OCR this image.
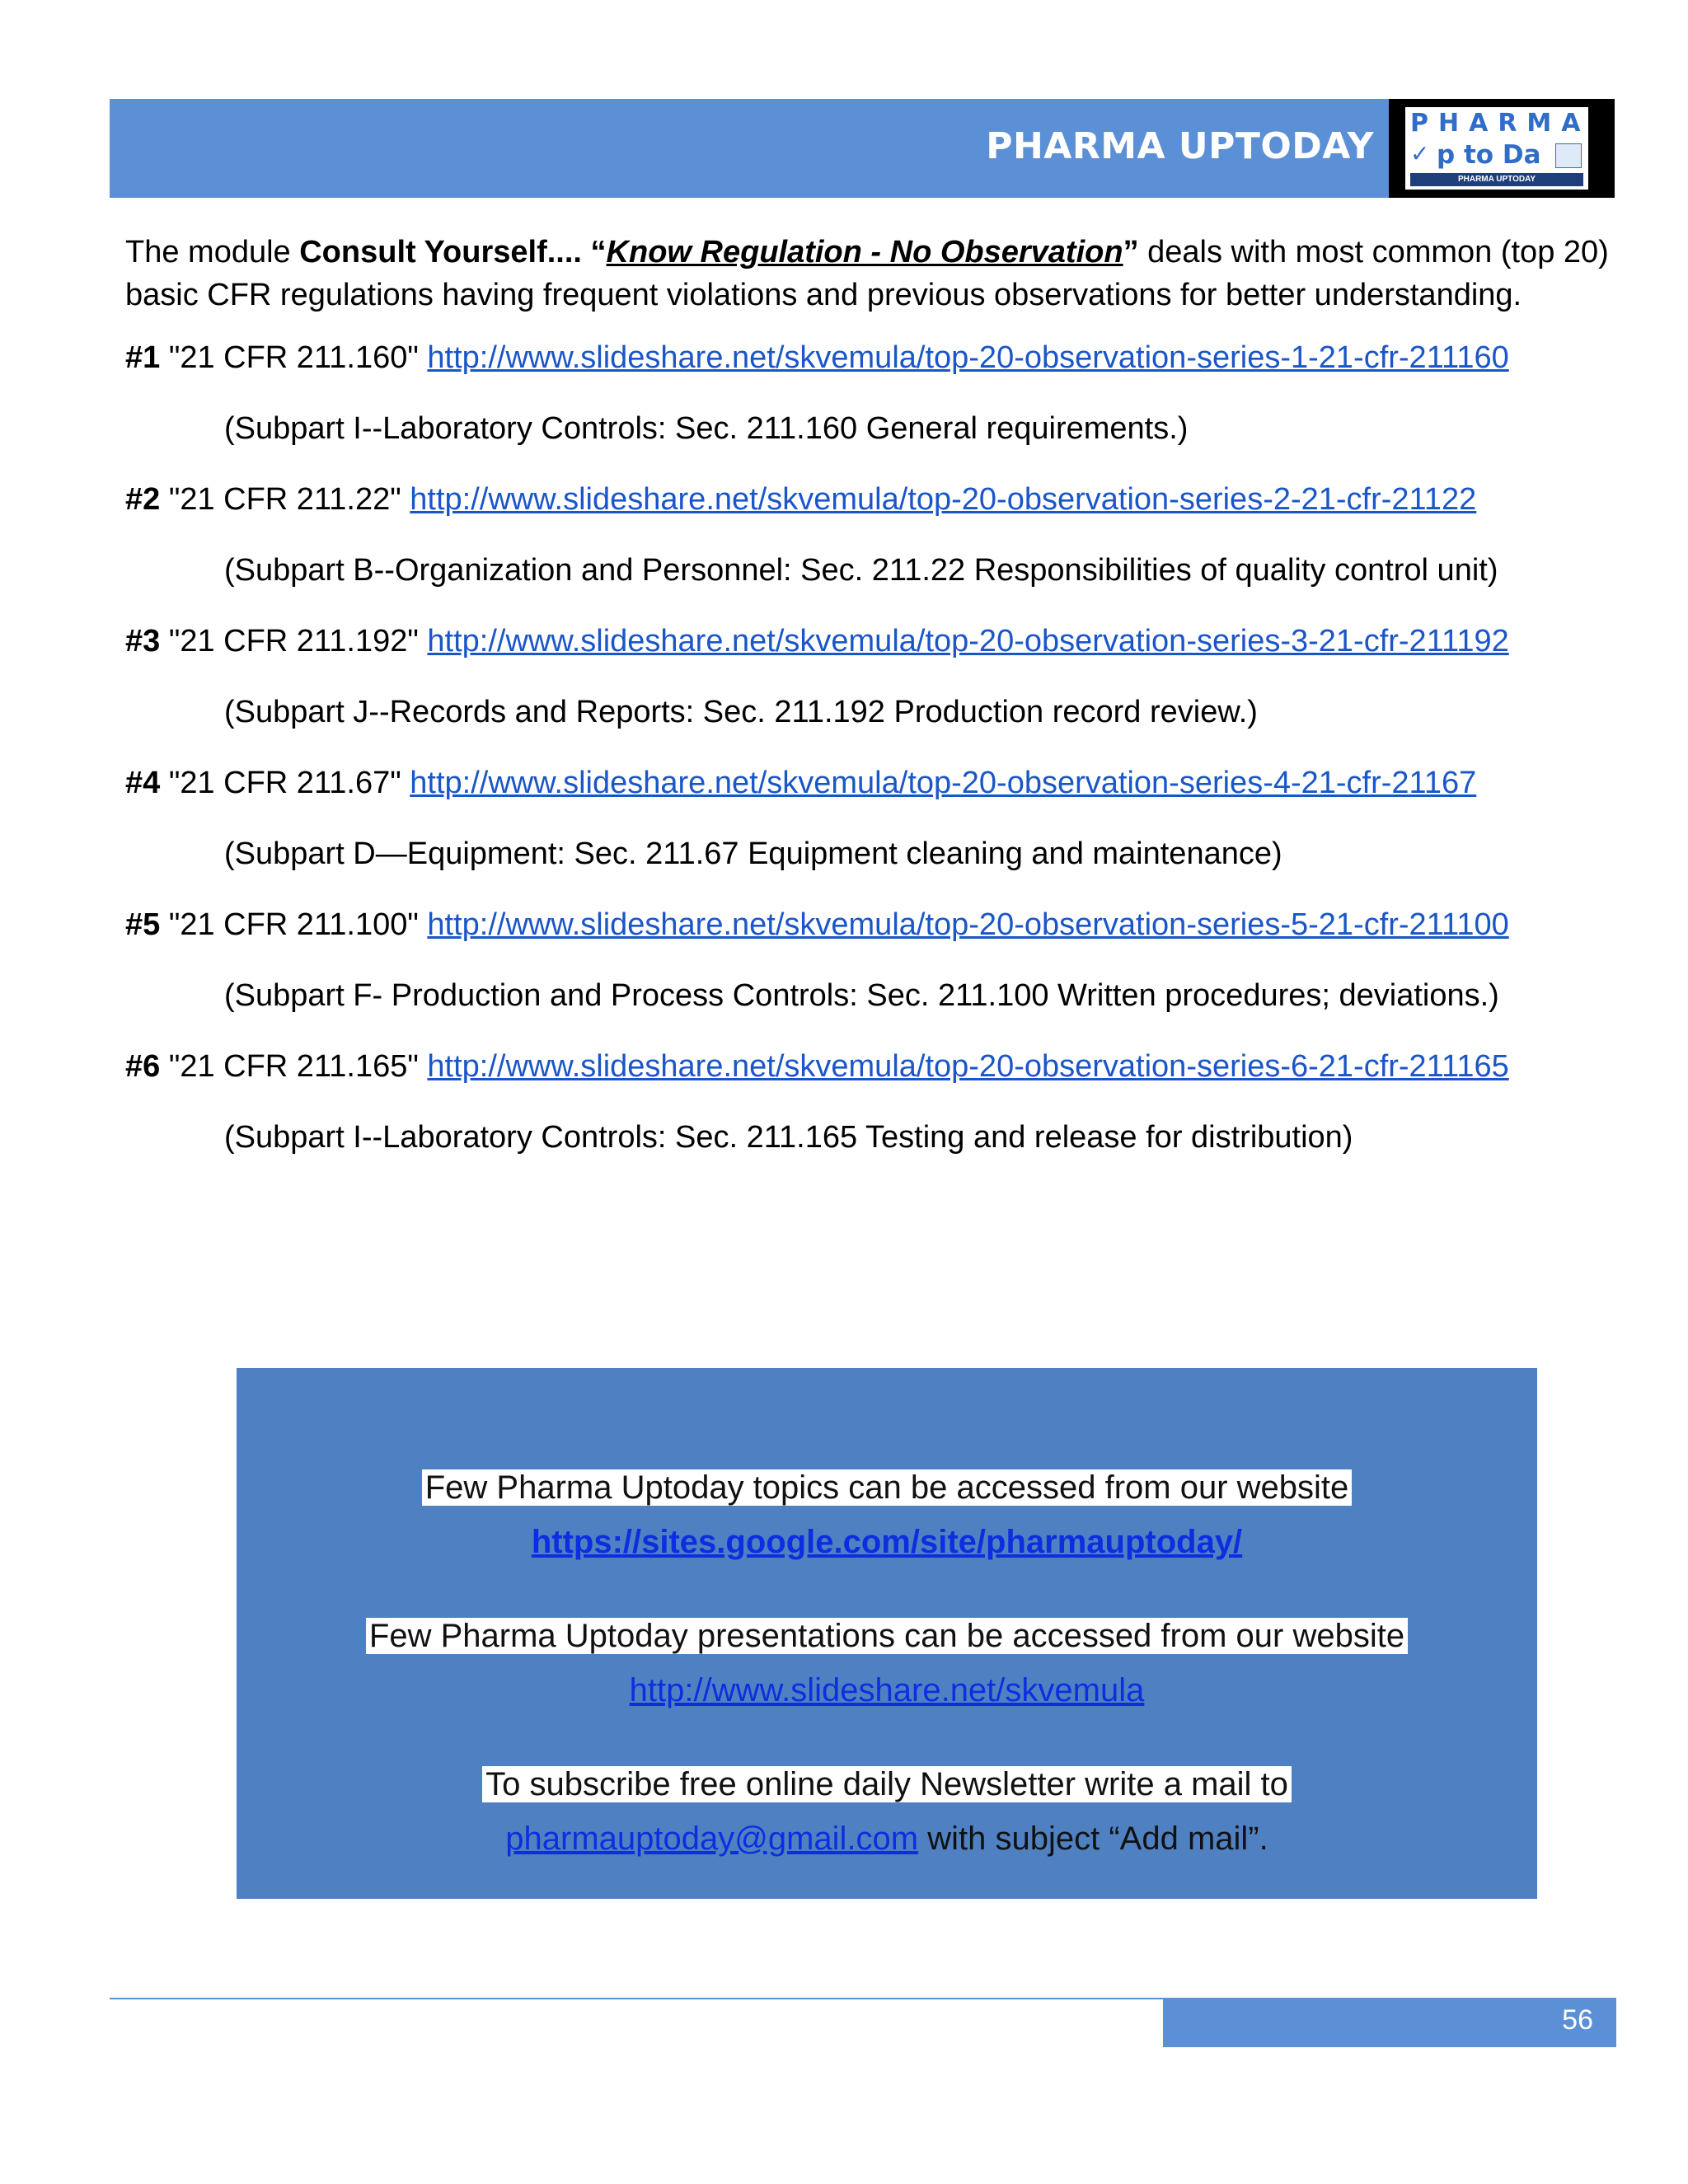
PHARMA UPTODAY
PHARMA
✓ p to Da
PHARMA UPTODAY

The module Consult Yourself.... “Know Regulation - No Observation” deals with most common (top 20) basic CFR regulations having frequent violations and previous observations for better understanding.

#1 "21 CFR 211.160" http://www.slideshare.net/skvemula/top-20-observation-series-1-21-cfr-211160

(Subpart I--Laboratory Controls: Sec. 211.160 General requirements.)

#2 "21 CFR 211.22" http://www.slideshare.net/skvemula/top-20-observation-series-2-21-cfr-21122

(Subpart B--Organization and Personnel: Sec. 211.22 Responsibilities of quality control unit)

#3 "21 CFR 211.192" http://www.slideshare.net/skvemula/top-20-observation-series-3-21-cfr-211192

(Subpart J--Records and Reports: Sec. 211.192 Production record review.)

#4 "21 CFR 211.67" http://www.slideshare.net/skvemula/top-20-observation-series-4-21-cfr-21167

(Subpart D—Equipment: Sec. 211.67 Equipment cleaning and maintenance)

#5 "21 CFR 211.100" http://www.slideshare.net/skvemula/top-20-observation-series-5-21-cfr-211100

(Subpart F- Production and Process Controls: Sec. 211.100 Written procedures; deviations.)

#6 "21 CFR 211.165" http://www.slideshare.net/skvemula/top-20-observation-series-6-21-cfr-211165

(Subpart I--Laboratory Controls: Sec. 211.165 Testing and release for distribution)

Few Pharma Uptoday topics can be accessed from our website
https://sites.google.com/site/pharmauptoday/
Few Pharma Uptoday presentations can be accessed from our website
http://www.slideshare.net/skvemula
To subscribe free online daily Newsletter write a mail to
pharmauptoday@gmail.com with subject “Add mail”.
56
